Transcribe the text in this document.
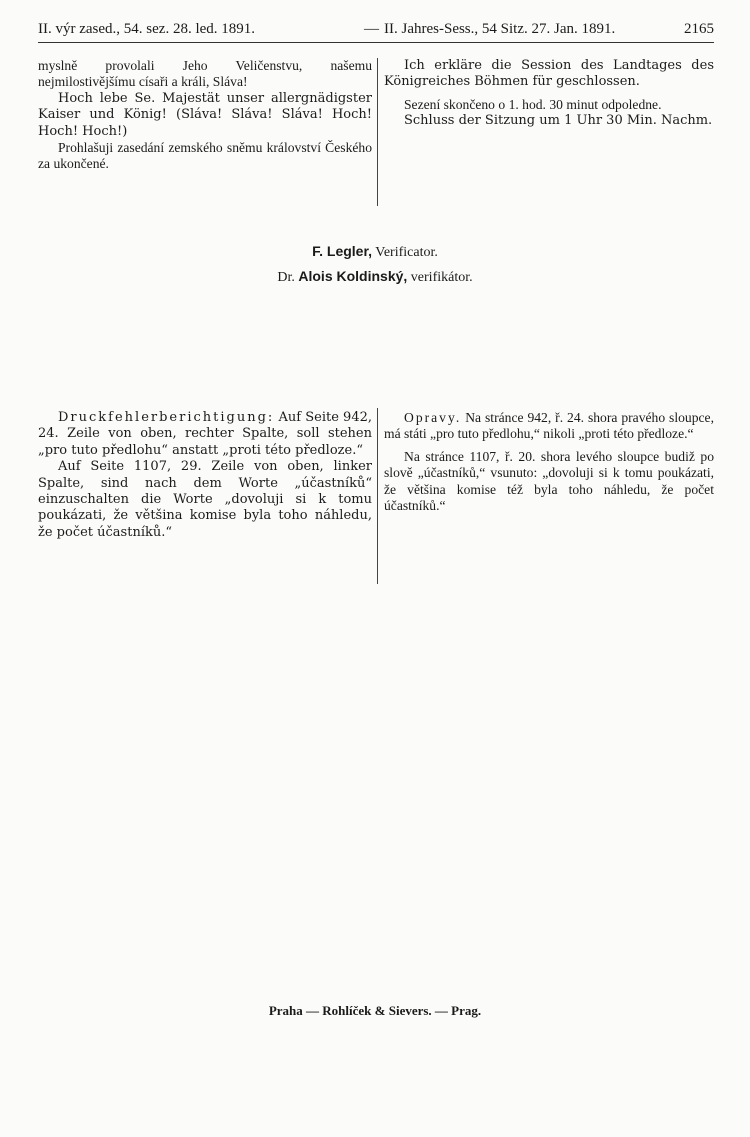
II. výr zased., 54. sez. 28. led. 1891.	— II. Jahres-Sess., 54 Sitz. 27. Jan. 1891.	2165

myslně provolali Jeho Veličenstvu, našemu nejmilostivějšímu císaři a králi, Sláva!

Hoch lebe Se. Majestät unser allergnädigster Kaiser und König! (Sláva! Sláva! Sláva! Hoch! Hoch! Hoch!)

Prohlašuji zasedání zemského sněmu království Českého za ukončené.

Ich erkläre die Session des Landtages des Königreiches Böhmen für geschlossen.

Sezení skončeno o 1. hod. 30 minut odpoledne.

Schluss der Sitzung um 1 Uhr 30 Min. Nachm.

F. Legler, Verificator.
Dr. Alois Koldinský, verifikátor.

Druckfehlerberichtigung: Auf Seite 942, 24. Zeile von oben, rechter Spalte, soll stehen „pro tuto předlohu“ anstatt „proti této předloze.“

Auf Seite 1107, 29. Zeile von oben, linker Spalte, sind nach dem Worte „účastníků“ einzuschalten die Worte „dovoluji si k tomu poukázati, že většina komise byla toho náhledu, že počet účastníků.“

Opravy. Na stránce 942, ř. 24. shora pravého sloupce, má státi „pro tuto předlohu,“ nikoli „proti této předloze.“

Na stránce 1107, ř. 20. shora levého sloupce budiž po slově „účastníků,“ vsunuto: „dovoluji si k tomu poukázati, že většina komise též byla toho náhledu, že počet účastníků.“

Praha — Rohlíček & Sievers. — Prag.
